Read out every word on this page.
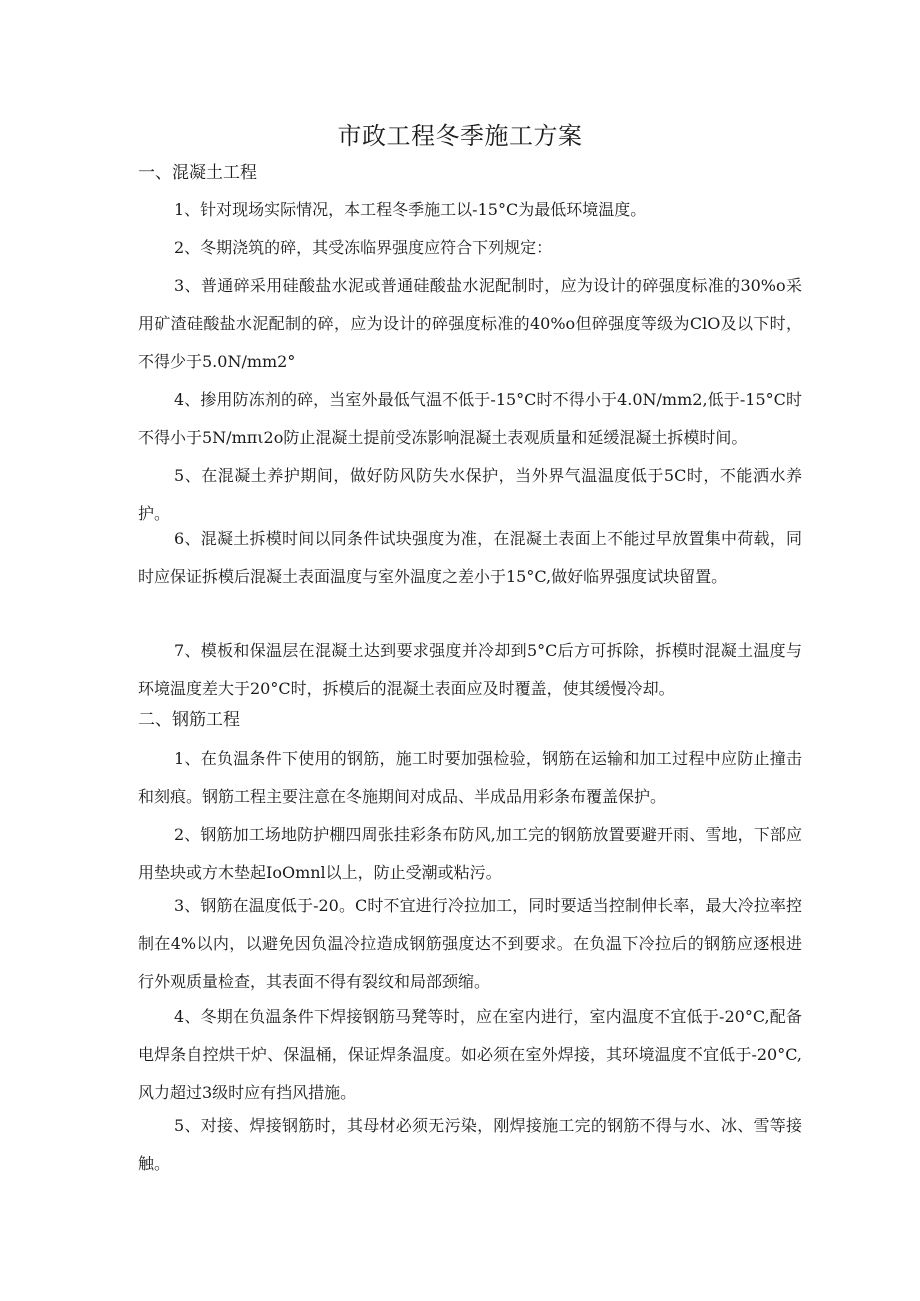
市政工程冬季施工方案
一、混凝土工程
1、针对现场实际情况，本工程冬季施工以-15°C为最低环境温度。
2、冬期浇筑的碎，其受冻临界强度应符合下列规定：
3、普通碎采用硅酸盐水泥或普通硅酸盐水泥配制时，应为设计的碎强度标准的30%o采用矿渣硅酸盐水泥配制的碎，应为设计的碎强度标准的40%o但碎强度等级为ClO及以下时，不得少于5.0N∕mm2°
4、掺用防冻剂的碎，当室外最低气温不低于-15°C时不得小于4.0N∕mm2,低于-15°C时不得小于5N∕mπι2o防止混凝土提前受冻影响混凝土表观质量和延缓混凝土拆模时间。
5、在混凝土养护期间，做好防风防失水保护，当外界气温温度低于5C时，不能洒水养护。
6、混凝土拆模时间以同条件试块强度为准，在混凝土表面上不能过早放置集中荷载，同时应保证拆模后混凝土表面温度与室外温度之差小于15°C,做好临界强度试块留置。
7、模板和保温层在混凝土达到要求强度并冷却到5°C后方可拆除，拆模时混凝土温度与环境温度差大于20°C时，拆模后的混凝土表面应及时覆盖，使其缓慢冷却。
二、钢筋工程
1、在负温条件下使用的钢筋，施工时要加强检验，钢筋在运输和加工过程中应防止撞击和刻痕。钢筋工程主要注意在冬施期间对成品、半成品用彩条布覆盖保护。
2、钢筋加工场地防护棚四周张挂彩条布防风,加工完的钢筋放置要避开雨、雪地，下部应用垫块或方木垫起IoOmnl以上，防止受潮或粘污。
3、钢筋在温度低于-20。C时不宜进行冷拉加工，同时要适当控制伸长率，最大冷拉率控制在4%以内，以避免因负温冷拉造成钢筋强度达不到要求。在负温下冷拉后的钢筋应逐根进行外观质量检查，其表面不得有裂纹和局部颈缩。
4、冬期在负温条件下焊接钢筋马凳等时，应在室内进行，室内温度不宜低于-20°C,配备电焊条自控烘干炉、保温桶，保证焊条温度。如必须在室外焊接，其环境温度不宜低于-20°C,风力超过3级时应有挡风措施。
5、对接、焊接钢筋时，其母材必须无污染，刚焊接施工完的钢筋不得与水、冰、雪等接触。
